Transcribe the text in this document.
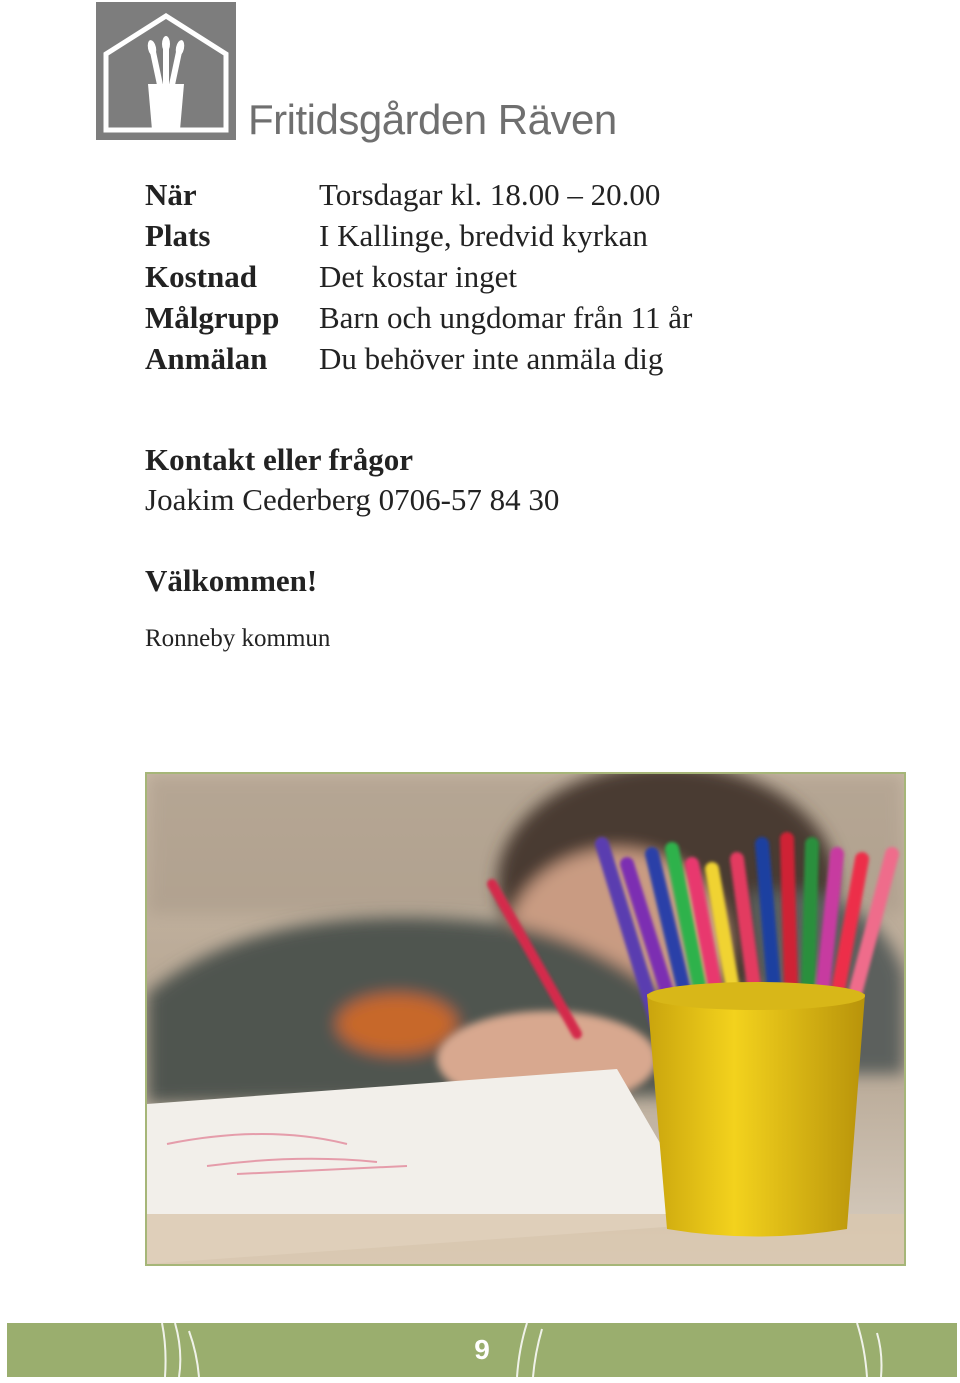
Fritidsgården Räven
När	Torsdagar kl. 18.00 – 20.00
Plats	I Kallinge, bredvid kyrkan
Kostnad	Det kostar inget
Målgrupp	Barn och ungdomar från 11 år
Anmälan	Du behöver inte anmäla dig
Kontakt eller frågor
Joakim Cederberg 0706-57 84 30
Välkommen!
Ronneby kommun
9
